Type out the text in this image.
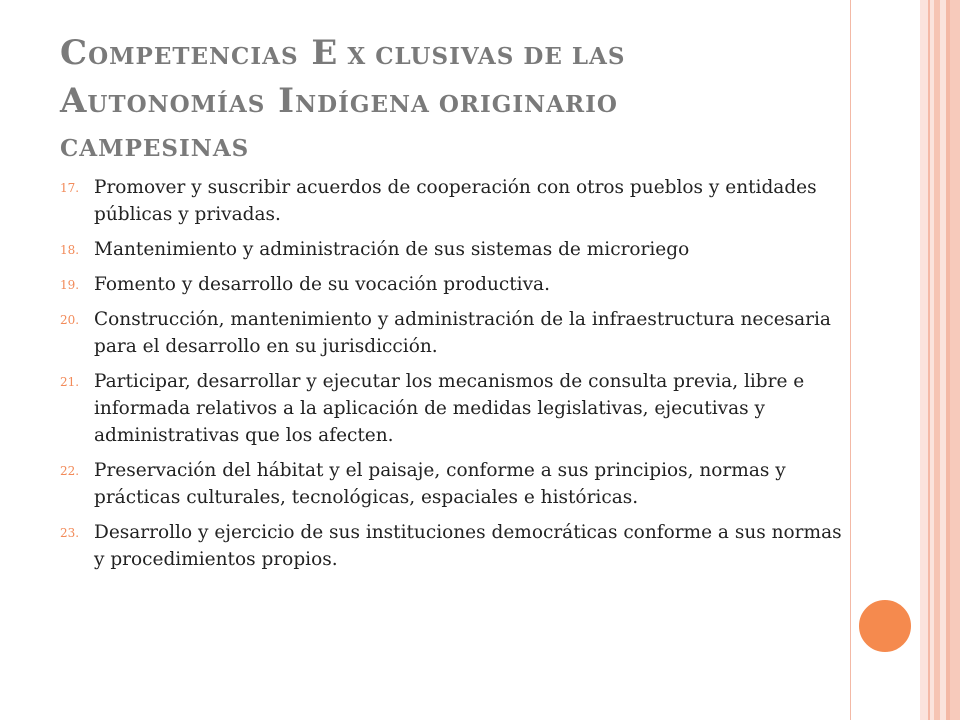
COMPETENCIAS E X CLUSIVAS DE LAS
AUTONOMÍAS INDÍGENA ORIGINARIO
CAMPESINAS
17. Promover y suscribir acuerdos de cooperación con otros pueblos y entidades públicas y privadas.
18. Mantenimiento y administración de sus sistemas de microriego
19. Fomento y desarrollo de su vocación productiva.
20. Construcción, mantenimiento y administración de la infraestructura necesaria para el desarrollo en su jurisdicción.
21. Participar, desarrollar y ejecutar los mecanismos de consulta previa, libre e informada relativos a la aplicación de medidas legislativas, ejecutivas y administrativas que los afecten.
22. Preservación del hábitat y el paisaje, conforme a sus principios, normas y prácticas culturales, tecnológicas, espaciales e históricas.
23. Desarrollo y ejercicio de sus instituciones democráticas conforme a sus normas y procedimientos propios.
